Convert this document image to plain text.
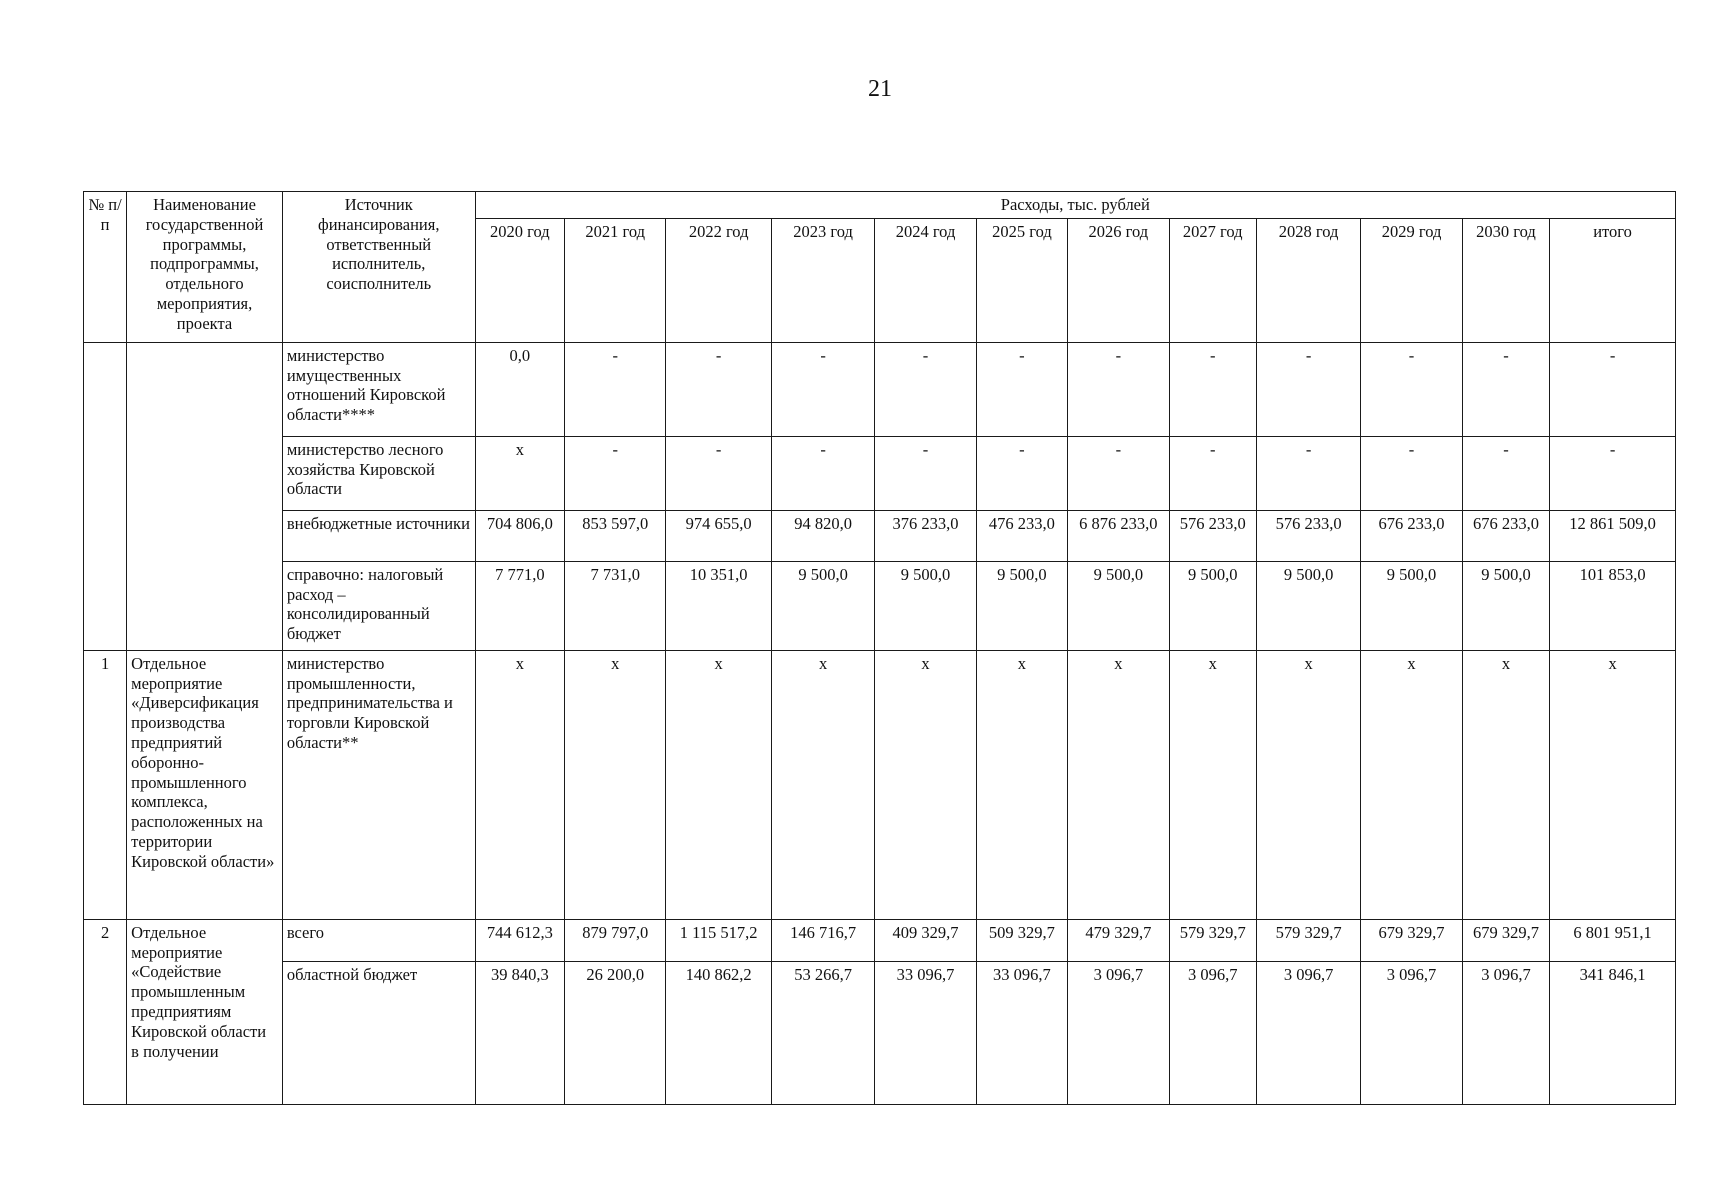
21
№ п/п	Наименование государственной программы, подпрограммы, отдельного мероприятия, проекта	Источник финансирования, ответственный исполнитель, соисполнитель	Расходы, тыс. рублей											
			2020 год	2021 год	2022 год	2023 год	2024 год	2025 год	2026 год	2027 год	2028 год	2029 год	2030 год	итого
		министерство имущественных отношений Кировской области****	0,0	-	-	-	-	-	-	-	-	-	-	-
		министерство лесного хозяйства Кировской области	х	-	-	-	-	-	-	-	-	-	-	-
		внебюджетные источники	704 806,0	853 597,0	974 655,0	94 820,0	376 233,0	476 233,0	6 876 233,0	576 233,0	576 233,0	676 233,0	676 233,0	12 861 509,0
		справочно: налоговый расход – консолидированный бюджет	7 771,0	7 731,0	10 351,0	9 500,0	9 500,0	9 500,0	9 500,0	9 500,0	9 500,0	9 500,0	9 500,0	101 853,0
1	Отдельное мероприятие «Диверсификация производства предприятий оборонно-промышленного комплекса, расположенных на территории Кировской области»	министерство промышленности, предпринимательства и торговли Кировской области**	х	х	х	х	х	х	х	х	х	х	х	х
2	Отдельное мероприятие «Содействие промышленным предприятиям Кировской области в получении	всего	744 612,3	879 797,0	1 115 517,2	146 716,7	409 329,7	509 329,7	479 329,7	579 329,7	579 329,7	679 329,7	679 329,7	6 801 951,1
		областной бюджет	39 840,3	26 200,0	140 862,2	53 266,7	33 096,7	33 096,7	3 096,7	3 096,7	3 096,7	3 096,7	3 096,7	341 846,1
